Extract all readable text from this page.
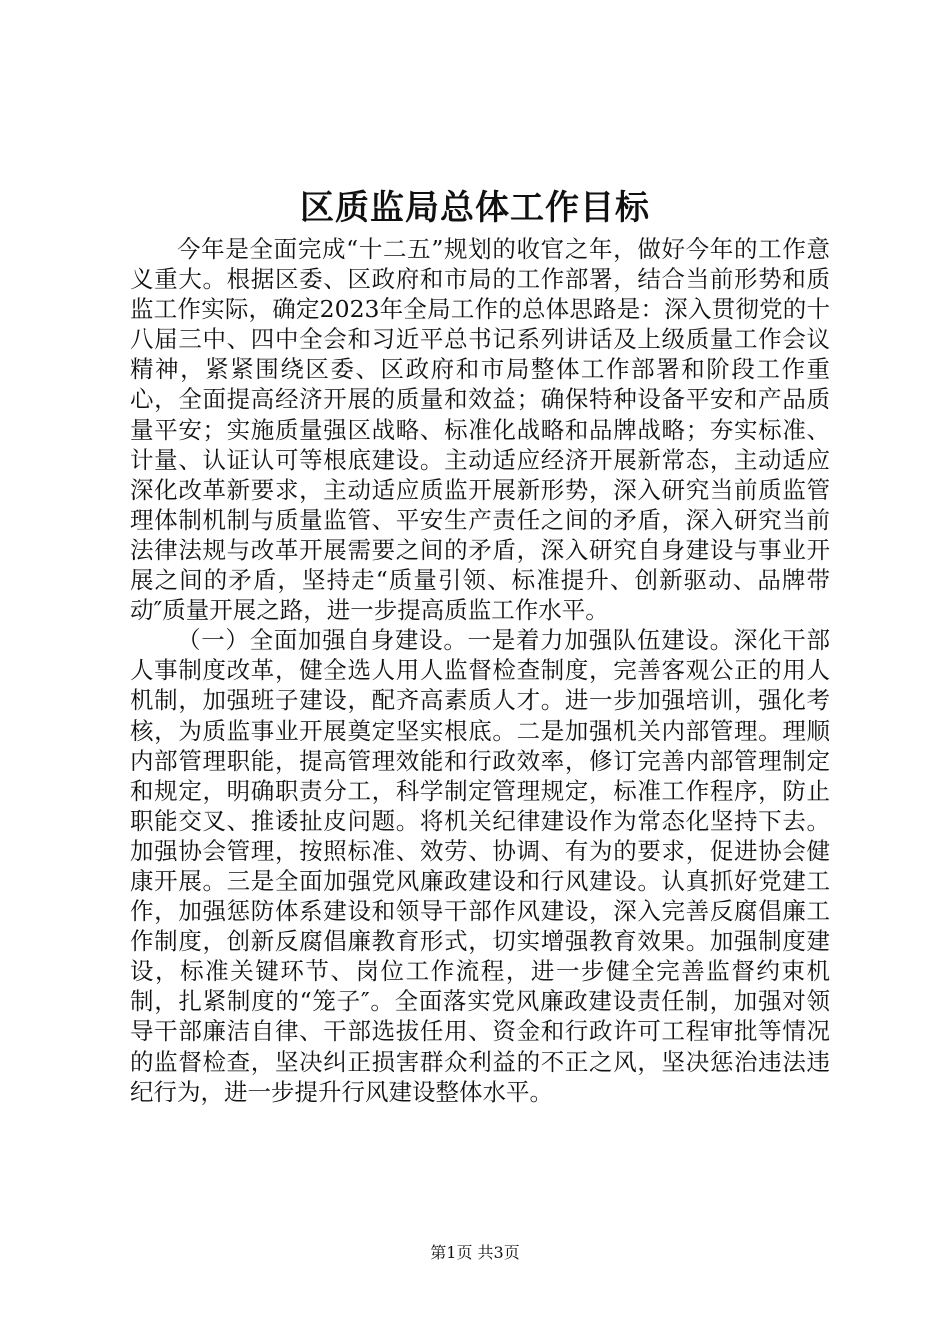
区质监局总体工作目标

今年是全面完成“十二五”规划的收官之年，做好今年的工作意义重大。根据区委、区政府和市局的工作部署，结合当前形势和质监工作实际，确定2023年全局工作的总体思路是：深入贯彻党的十八届三中、四中全会和习近平总书记系列讲话及上级质量工作会议精神，紧紧围绕区委、区政府和市局整体工作部署和阶段工作重心，全面提高经济开展的质量和效益；确保特种设备平安和产品质量平安；实施质量强区战略、标准化战略和品牌战略；夯实标准、计量、认证认可等根底建设。主动适应经济开展新常态，主动适应深化改革新要求，主动适应质监开展新形势，深入研究当前质监管理体制机制与质量监管、平安生产责任之间的矛盾，深入研究当前法律法规与改革开展需要之间的矛盾，深入研究自身建设与事业开展之间的矛盾，坚持走“质量引领、标准提升、创新驱动、品牌带动″质量开展之路，进一步提高质监工作水平。

（一）全面加强自身建设。一是着力加强队伍建设。深化干部人事制度改革，健全选人用人监督检查制度，完善客观公正的用人机制，加强班子建设，配齐高素质人才。进一步加强培训，强化考核，为质监事业开展奠定坚实根底。二是加强机关内部管理。理顺内部管理职能，提高管理效能和行政效率，修订完善内部管理制定和规定，明确职责分工，科学制定管理规定，标准工作程序，防止职能交叉、推诿扯皮问题。将机关纪律建设作为常态化坚持下去。加强协会管理，按照标准、效劳、协调、有为的要求，促进协会健康开展。三是全面加强党风廉政建设和行风建设。认真抓好党建工作，加强惩防体系建设和领导干部作风建设，深入完善反腐倡廉工作制度，创新反腐倡廉教育形式，切实增强教育效果。加强制度建设，标准关键环节、岗位工作流程，进一步健全完善监督约束机制，扎紧制度的“笼子″。全面落实党风廉政建设责任制，加强对领导干部廉洁自律、干部选拔任用、资金和行政许可工程审批等情况的监督检查，坚决纠正损害群众利益的不正之风，坚决惩治违法违纪行为，进一步提升行风建设整体水平。

第1页 共3页
